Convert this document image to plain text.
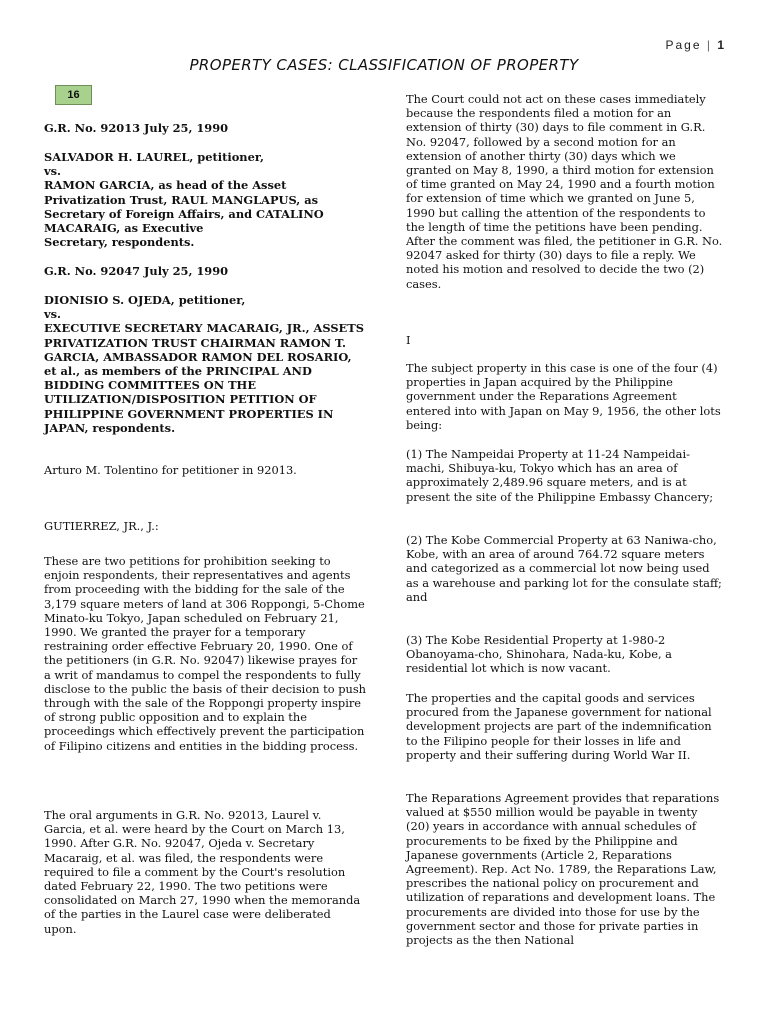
Page | 1
PROPERTY CASES: CLASSIFICATION OF PROPERTY
16

G.R. No. 92013 July 25, 1990

SALVADOR H. LAUREL, petitioner,
vs.
RAMON GARCIA, as head of the Asset Privatization Trust, RAUL MANGLAPUS, as Secretary of Foreign Affairs, and CATALINO MACARAIG, as Executive
Secretary, respondents.

G.R. No. 92047 July 25, 1990

DIONISIO S. OJEDA, petitioner,
vs.
EXECUTIVE SECRETARY MACARAIG, JR., ASSETS PRIVATIZATION TRUST CHAIRMAN RAMON T. GARCIA, AMBASSADOR RAMON DEL ROSARIO, et al., as members of the PRINCIPAL AND BIDDING COMMITTEES ON THE UTILIZATION/DISPOSITION PETITION OF PHILIPPINE GOVERNMENT PROPERTIES IN JAPAN, respondents.

Arturo M. Tolentino for petitioner in 92013.

GUTIERREZ, JR., J.:

These are two petitions for prohibition seeking to enjoin respondents, their representatives and agents from proceeding with the bidding for the sale of the 3,179 square meters of land at 306 Roppongi, 5-Chome Minato-ku Tokyo, Japan scheduled on February 21, 1990. We granted the prayer for a temporary restraining order effective February 20, 1990. One of the petitioners (in G.R. No. 92047) likewise prayes for a writ of mandamus to compel the respondents to fully disclose to the public the basis of their decision to push through with the sale of the Roppongi property inspire of strong public opposition and to explain the proceedings which effectively prevent the participation of Filipino citizens and entities in the bidding process.

The oral arguments in G.R. No. 92013, Laurel v. Garcia, et al. were heard by the Court on March 13, 1990. After G.R. No. 92047, Ojeda v. Secretary Macaraig, et al. was filed, the respondents were required to file a comment by the Court's resolution dated February 22, 1990. The two petitions were consolidated on March 27, 1990 when the memoranda of the parties in the Laurel case were deliberated upon.

The Court could not act on these cases immediately because the respondents filed a motion for an extension of thirty (30) days to file comment in G.R. No. 92047, followed by a second motion for an extension of another thirty (30) days which we granted on May 8, 1990, a third motion for extension of time granted on May 24, 1990 and a fourth motion for extension of time which we granted on June 5, 1990 but calling the attention of the respondents to the length of time the petitions have been pending. After the comment was filed, the petitioner in G.R. No. 92047 asked for thirty (30) days to file a reply. We noted his motion and resolved to decide the two (2) cases.

I

The subject property in this case is one of the four (4) properties in Japan acquired by the Philippine government under the Reparations Agreement entered into with Japan on May 9, 1956, the other lots being:

(1) The Nampeidai Property at 11-24 Nampeidai-machi, Shibuya-ku, Tokyo which has an area of approximately 2,489.96 square meters, and is at present the site of the Philippine Embassy Chancery;

(2) The Kobe Commercial Property at 63 Naniwa-cho, Kobe, with an area of around 764.72 square meters and categorized as a commercial lot now being used as a warehouse and parking lot for the consulate staff; and

(3) The Kobe Residential Property at 1-980-2 Obanoyama-cho, Shinohara, Nada-ku, Kobe, a residential lot which is now vacant.

The properties and the capital goods and services procured from the Japanese government for national development projects are part of the indemnification to the Filipino people for their losses in life and property and their suffering during World War II.

The Reparations Agreement provides that reparations valued at $550 million would be payable in twenty (20) years in accordance with annual schedules of procurements to be fixed by the Philippine and Japanese governments (Article 2, Reparations Agreement). Rep. Act No. 1789, the Reparations Law, prescribes the national policy on procurement and utilization of reparations and development loans. The procurements are divided into those for use by the government sector and those for private parties in projects as the then National
